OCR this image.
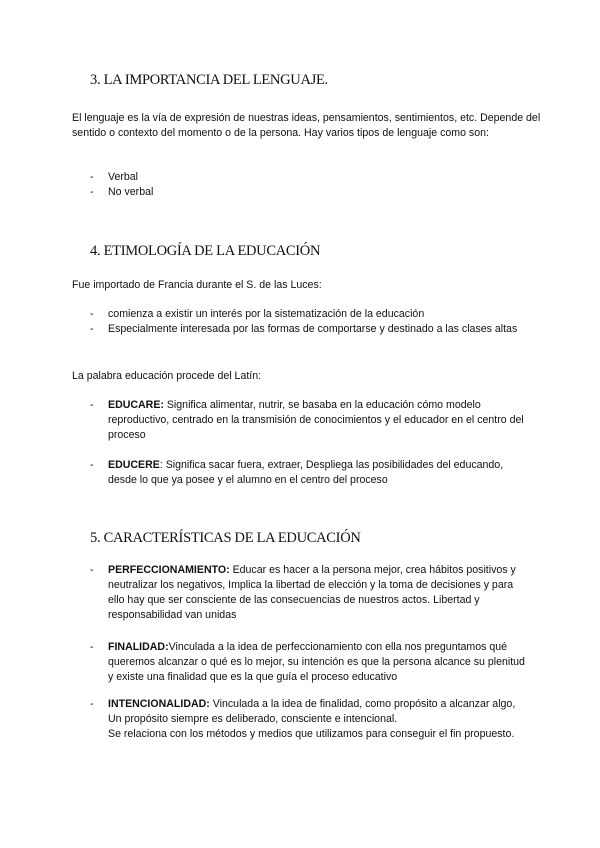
3. LA IMPORTANCIA DEL LENGUAJE.
El lenguaje es la vía de expresión de nuestras ideas, pensamientos, sentimientos, etc. Depende del sentido o contexto del momento o de la persona. Hay varios tipos de lenguaje como son:
-	Verbal
-	No verbal
4. ETIMOLOGÍA DE LA EDUCACIÓN
Fue importado de Francia durante el S. de las Luces:
-	comienza a existir un interés por la sistematización de la educación
-	Especialmente interesada por las formas de comportarse y destinado a las clases altas
La palabra educación procede del Latín:
-	EDUCARE: Significa alimentar, nutrir, se basaba en la educación cómo modelo reproductivo, centrado en la transmisión de conocimientos y el educador en el centro del proceso
-	EDUCERE: Significa sacar fuera, extraer, Despliega las posibilidades del educando, desde lo que ya posee y el alumno en el centro del proceso
5. CARACTERÍSTICAS DE LA EDUCACIÓN
-	PERFECCIONAMIENTO: Educar es hacer a la persona mejor, crea hábitos positivos y neutralizar los negativos, Implica la libertad de elección y la toma de decisiones y para ello hay que ser consciente de las consecuencias de nuestros actos. Libertad y responsabilidad van unidas
-	FINALIDAD:Vinculada a la idea de perfeccionamiento con ella nos preguntamos qué queremos alcanzar o qué es lo mejor, su intención es que la persona alcance su plenitud y existe una finalidad que es la que guía el proceso educativo
-	INTENCIONALIDAD: Vinculada a la idea de finalidad, como propósito a alcanzar algo, Un propósito siempre es deliberado, consciente e intencional.
Se relaciona con los métodos y medios que utilizamos para conseguir el fin propuesto.
